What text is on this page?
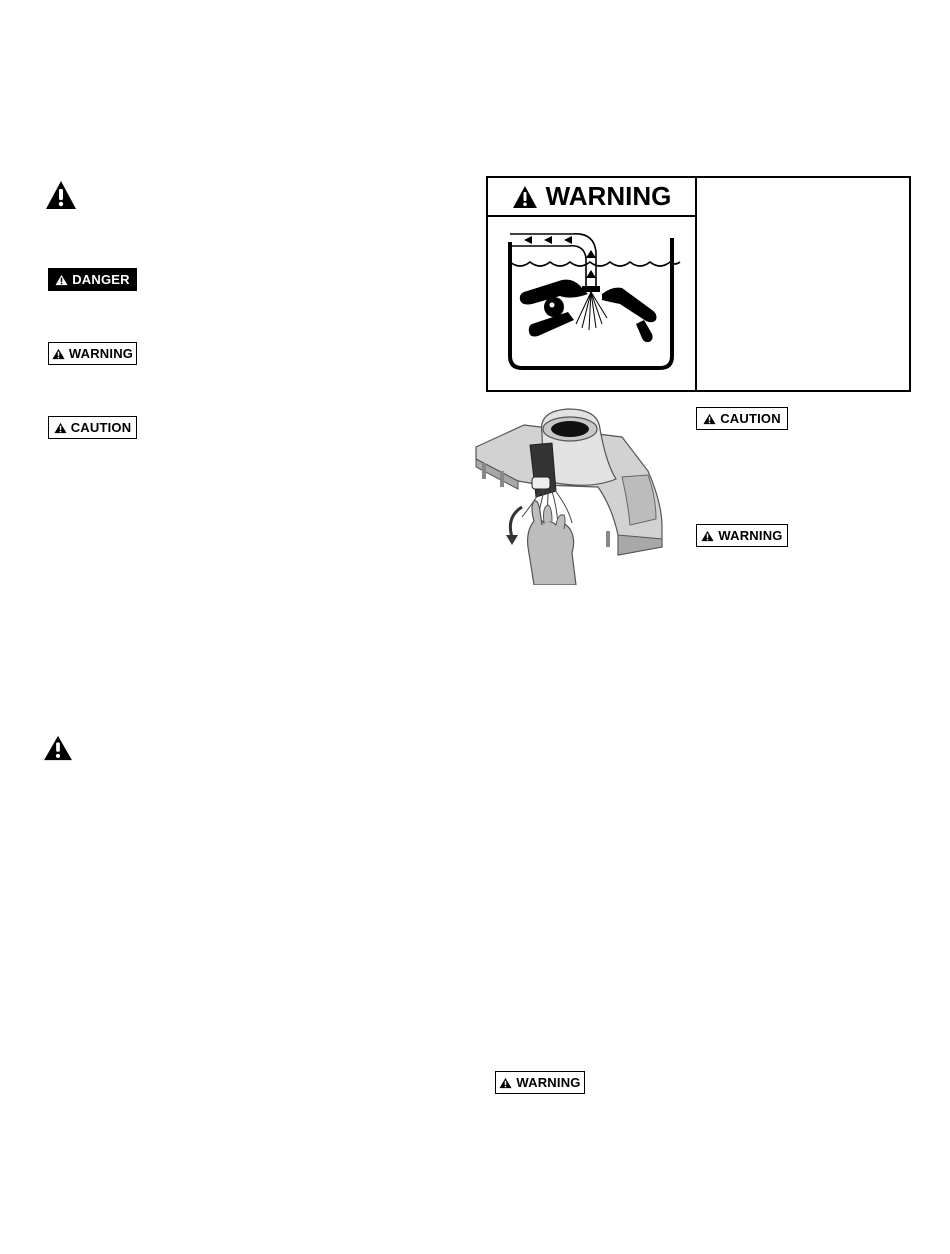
DANGER
WARNING
CAUTION
WARNING
CAUTION
WARNING
WARNING
